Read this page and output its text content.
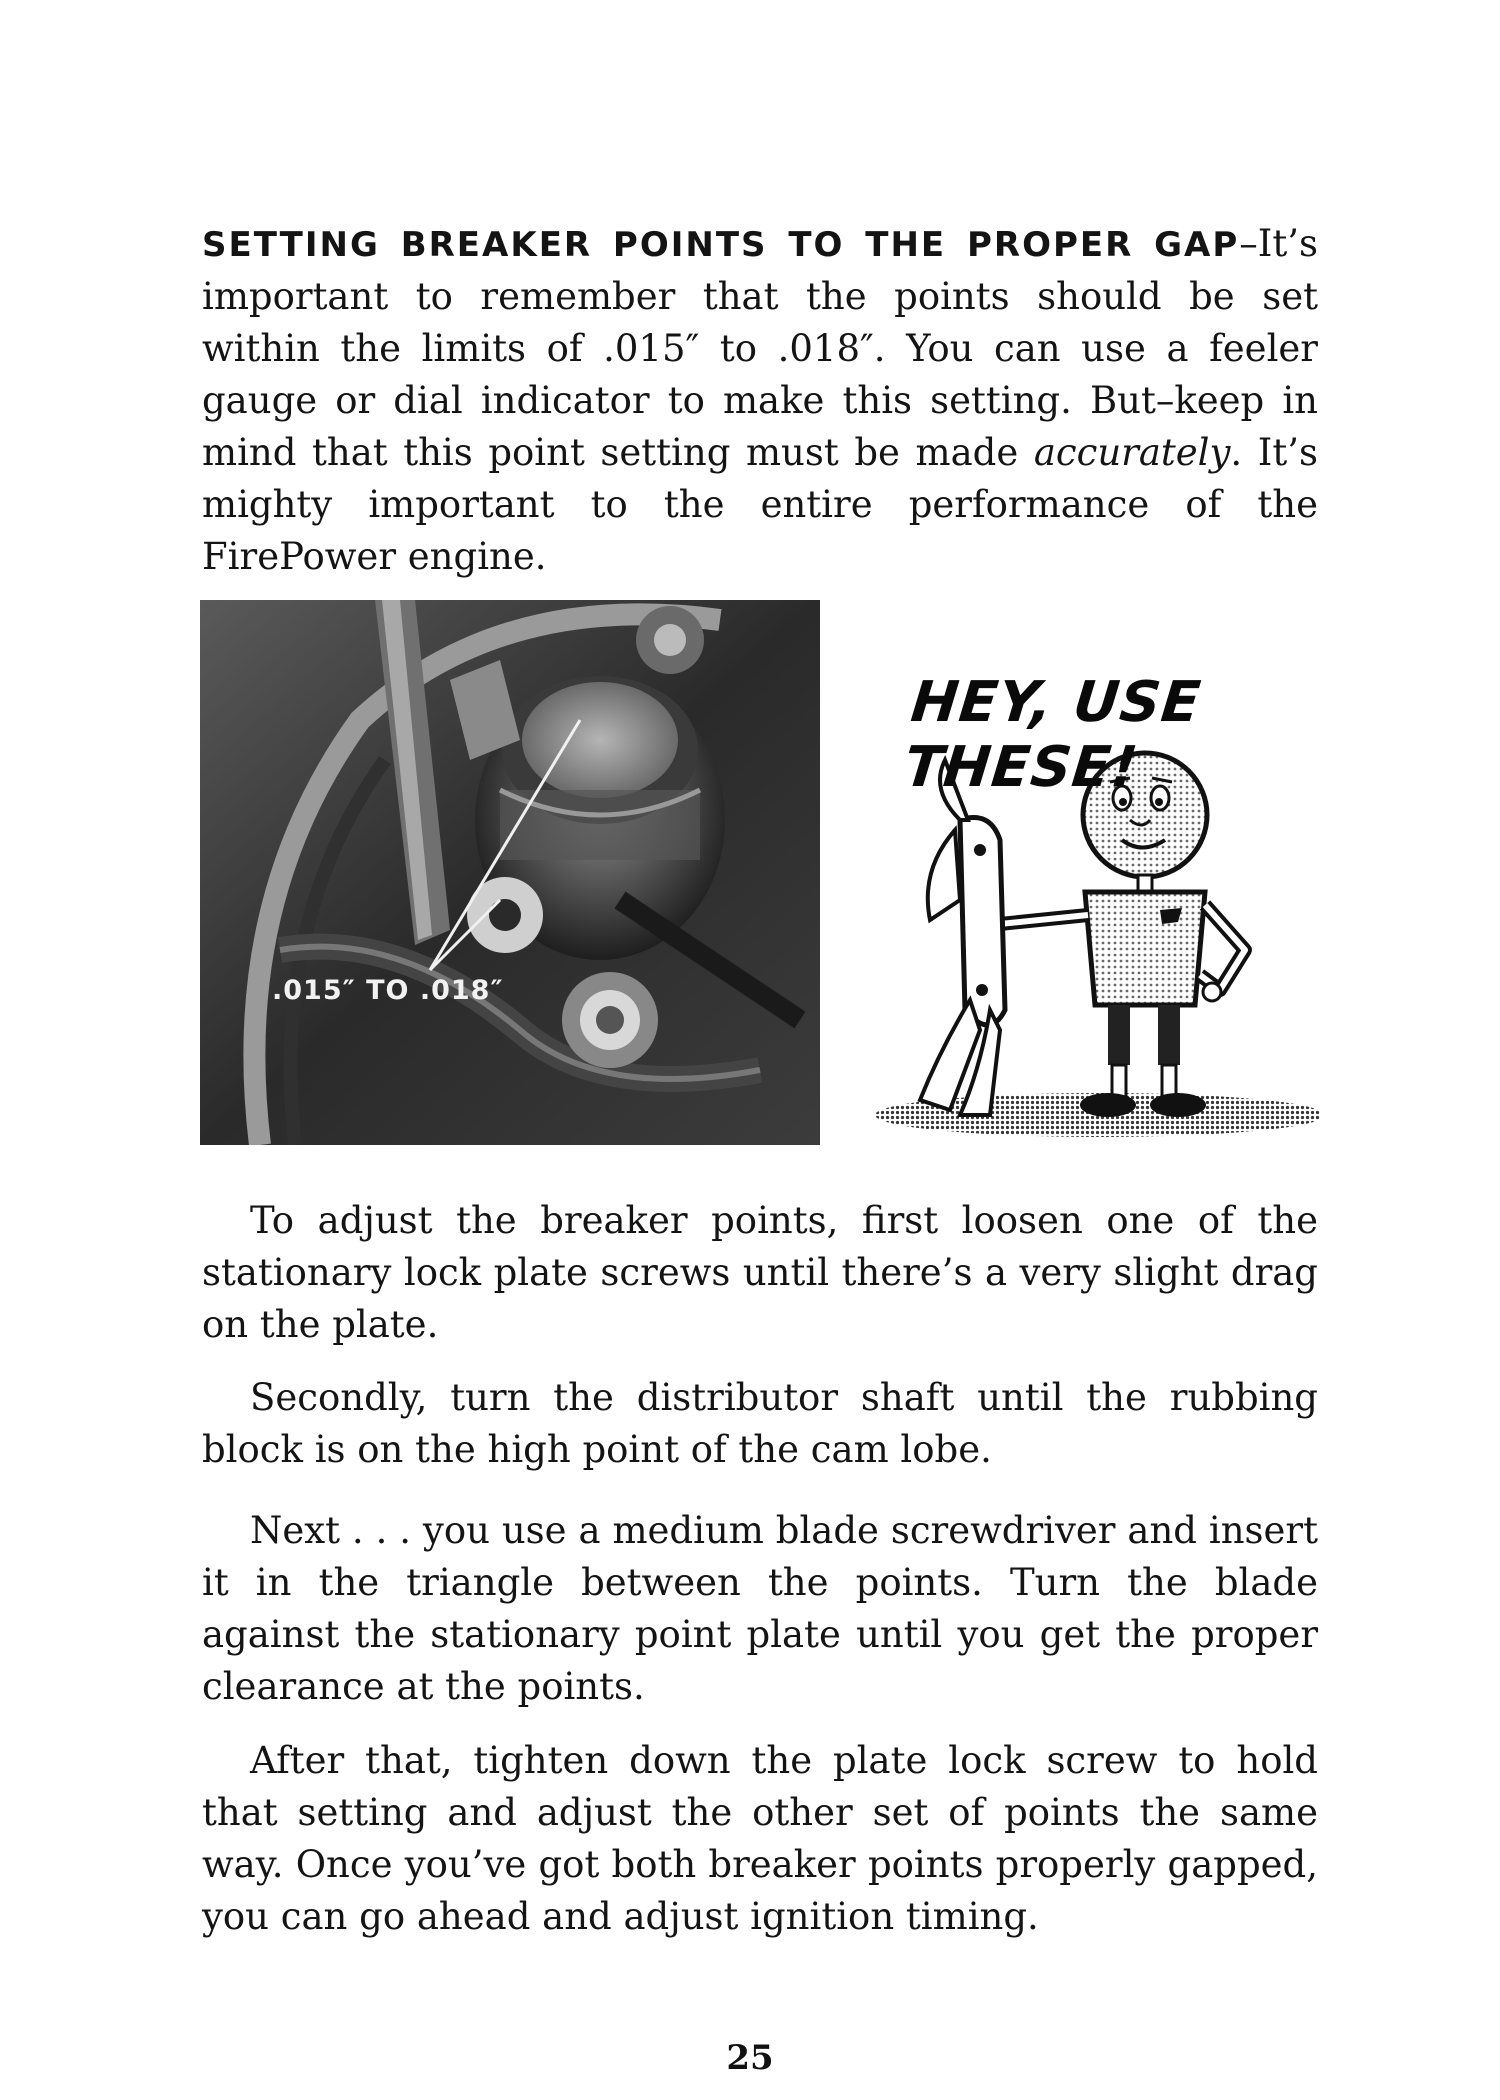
SETTING BREAKER POINTS TO THE PROPER GAP–It’s important to remember that the points should be set within the limits of .015″ to .018″. You can use a feeler gauge or dial indicator to make this setting. But–keep in mind that this point setting must be made accurately. It’s mighty important to the entire performance of the FirePower engine.

.015″ TO .018″
HEY, USE THESE!

To adjust the breaker points, first loosen one of the stationary lock plate screws until there’s a very slight drag on the plate.

Secondly, turn the distributor shaft until the rubbing block is on the high point of the cam lobe.

Next . . . you use a medium blade screwdriver and insert it in the triangle between the points. Turn the blade against the stationary point plate until you get the proper clearance at the points.

After that, tighten down the plate lock screw to hold that setting and adjust the other set of points the same way. Once you’ve got both breaker points properly gapped, you can go ahead and adjust ignition timing.

25
